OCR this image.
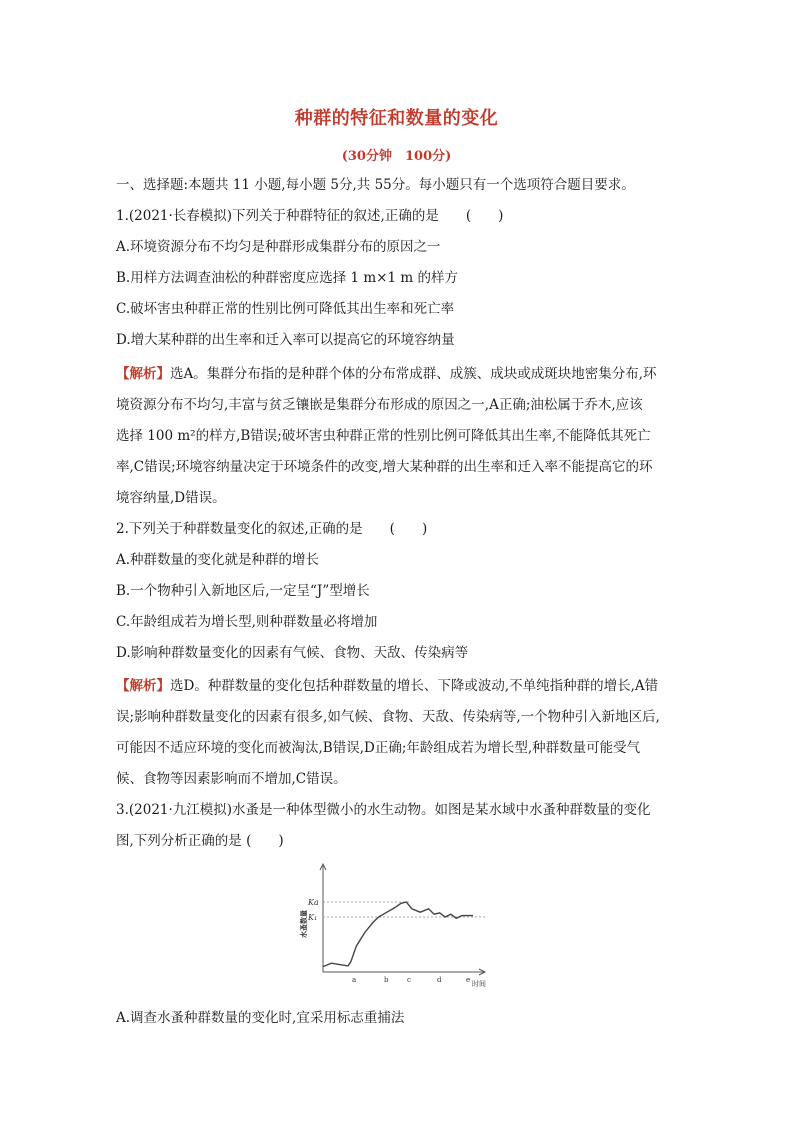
种群的特征和数量的变化
(30分钟　100分)
一、选择题:本题共 11 小题,每小题 5分,共 55分。每小题只有一个选项符合题目要求。
1.(2021·长春模拟)下列关于种群特征的叙述,正确的是　　(　　)
A.环境资源分布不均匀是种群形成集群分布的原因之一
B.用样方法调查油松的种群密度应选择 1 m×1 m 的样方
C.破坏害虫种群正常的性别比例可降低其出生率和死亡率
D.增大某种群的出生率和迁入率可以提高它的环境容纳量
【解析】选A。集群分布指的是种群个体的分布常成群、成簇、成块或成斑块地密集分布,环
境资源分布不均匀,丰富与贫乏镶嵌是集群分布形成的原因之一,A正确;油松属于乔木,应该
选择 100 m²的样方,B错误;破坏害虫种群正常的性别比例可降低其出生率,不能降低其死亡
率,C错误;环境容纳量决定于环境条件的改变,增大某种群的出生率和迁入率不能提高它的环
境容纳量,D错误。
2.下列关于种群数量变化的叙述,正确的是　　(　　)
A.种群数量的变化就是种群的增长
B.一个物种引入新地区后,一定呈“J”型增长
C.年龄组成若为增长型,则种群数量必将增加
D.影响种群数量变化的因素有气候、食物、天敌、传染病等
【解析】选D。种群数量的变化包括种群数量的增长、下降或波动,不单纯指种群的增长,A错
误;影响种群数量变化的因素有很多,如气候、食物、天敌、传染病等,一个物种引入新地区后,
可能因不适应环境的变化而被淘汰,B错误,D正确;年龄组成若为增长型,种群数量可能受气
候、食物等因素影响而不增加,C错误。
3.(2021·九江模拟)水蚤是一种体型微小的水生动物。如图是某水域中水蚤种群数量的变化
图,下列分析正确的是 (　　)
Ka
K₁
水蚤数量
a	b	c	d	e 时间
A.调查水蚤种群数量的变化时,宜采用标志重捕法
